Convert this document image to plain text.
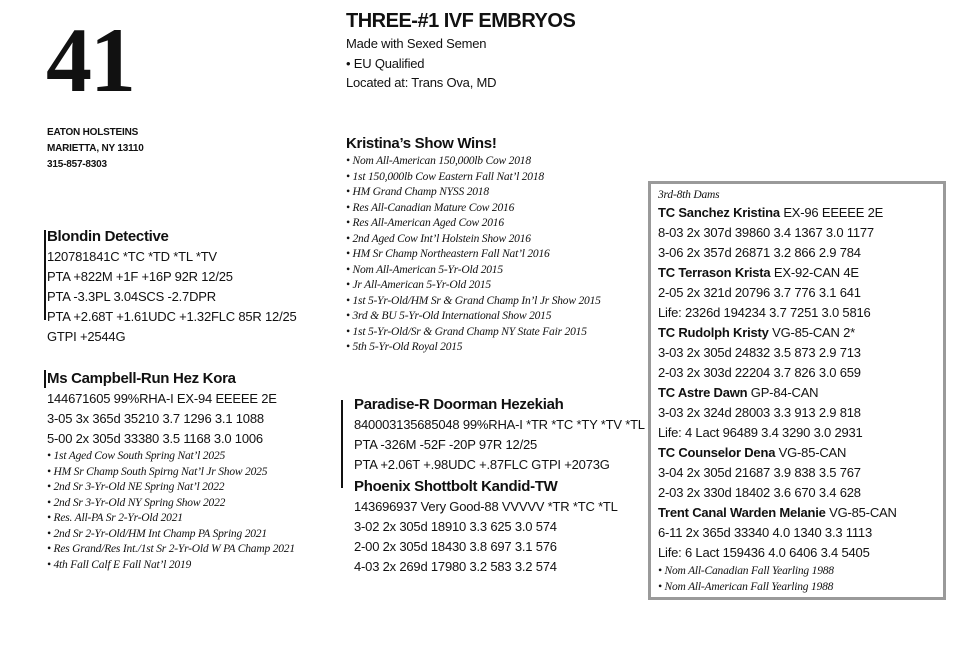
41
EATON HOLSTEINS
MARIETTA, NY 13110
315-857-8303
THREE-#1 IVF EMBRYOS
Made with Sexed Semen
• EU Qualified
Located at: Trans Ova, MD
Kristina’s Show Wins!
• Nom All-American 150,000lb Cow 2018
• 1st 150,000lb Cow Eastern Fall Nat’l 2018
• HM Grand Champ NYSS 2018
• Res All-Canadian Mature Cow 2016
• Res All-American Aged Cow 2016
• 2nd Aged Cow Int’l Holstein Show 2016
• HM Sr Champ Northeastern Fall Nat’l 2016
• Nom All-American 5-Yr-Old 2015
• Jr All-American 5-Yr-Old 2015
• 1st 5-Yr-Old/HM Sr & Grand Champ In’l Jr Show 2015
• 3rd & BU 5-Yr-Old International Show 2015
• 1st 5-Yr-Old/Sr & Grand Champ NY State Fair 2015
• 5th 5-Yr-Old Royal 2015
Blondin Detective
120781841C *TC *TD *TL *TV
PTA +822M +1F +16P 92R 12/25
PTA -3.3PL 3.04SCS -2.7DPR
PTA +2.68T +1.61UDC +1.32FLC 85R 12/25
GTPI +2544G
Ms Campbell-Run Hez Kora
144671605 99%RHA-I EX-94 EEEEE 2E
3-05 3x 365d 35210 3.7 1296 3.1 1088
5-00 2x 305d 33380 3.5 1168 3.0 1006
• 1st Aged Cow South Spring Nat’l 2025
• HM Sr Champ South Spirng Nat’l Jr Show 2025
• 2nd Sr 3-Yr-Old NE Spring Nat’l 2022
• 2nd Sr 3-Yr-Old NY Spring Show 2022
• Res. All-PA Sr 2-Yr-Old 2021
• 2nd Sr 2-Yr-Old/HM Int Champ PA Spring 2021
• Res Grand/Res Int./1st Sr 2-Yr-Old W PA Champ 2021
• 4th Fall Calf E Fall Nat’l 2019
Paradise-R Doorman Hezekiah
840003135685048 99%RHA-I *TR *TC *TY *TV *TL
PTA -326M -52F -20P 97R 12/25
PTA +2.06T +.98UDC +.87FLC GTPI +2073G
Phoenix Shottbolt Kandid-TW
143696937 Very Good-88 VVVVV *TR *TC *TL
3-02 2x 305d 18910 3.3 625 3.0 574
2-00 2x 305d 18430 3.8 697 3.1 576
4-03 2x 269d 17980 3.2 583 3.2 574
3rd-8th Dams
TC Sanchez Kristina EX-96 EEEEE 2E
8-03 2x 307d 39860 3.4 1367 3.0 1177
3-06 2x 357d 26871 3.2 866 2.9 784
TC Terrason Krista EX-92-CAN 4E
2-05 2x 321d 20796 3.7 776 3.1 641
Life: 2326d 194234 3.7 7251 3.0 5816
TC Rudolph Kristy VG-85-CAN 2*
3-03 2x 305d 24832 3.5 873 2.9 713
2-03 2x 303d 22204 3.7 826 3.0 659
TC Astre Dawn GP-84-CAN
3-03 2x 324d 28003 3.3 913 2.9 818
Life: 4 Lact 96489 3.4 3290 3.0 2931
TC Counselor Dena VG-85-CAN
3-04 2x 305d 21687 3.9 838 3.5 767
2-03 2x 330d 18402 3.6 670 3.4 628
Trent Canal Warden Melanie VG-85-CAN
6-11 2x 365d 33340 4.0 1340 3.3 1113
Life: 6 Lact 159436 4.0 6406 3.4 5405
• Nom All-Canadian Fall Yearling 1988
• Nom All-American Fall Yearling 1988
